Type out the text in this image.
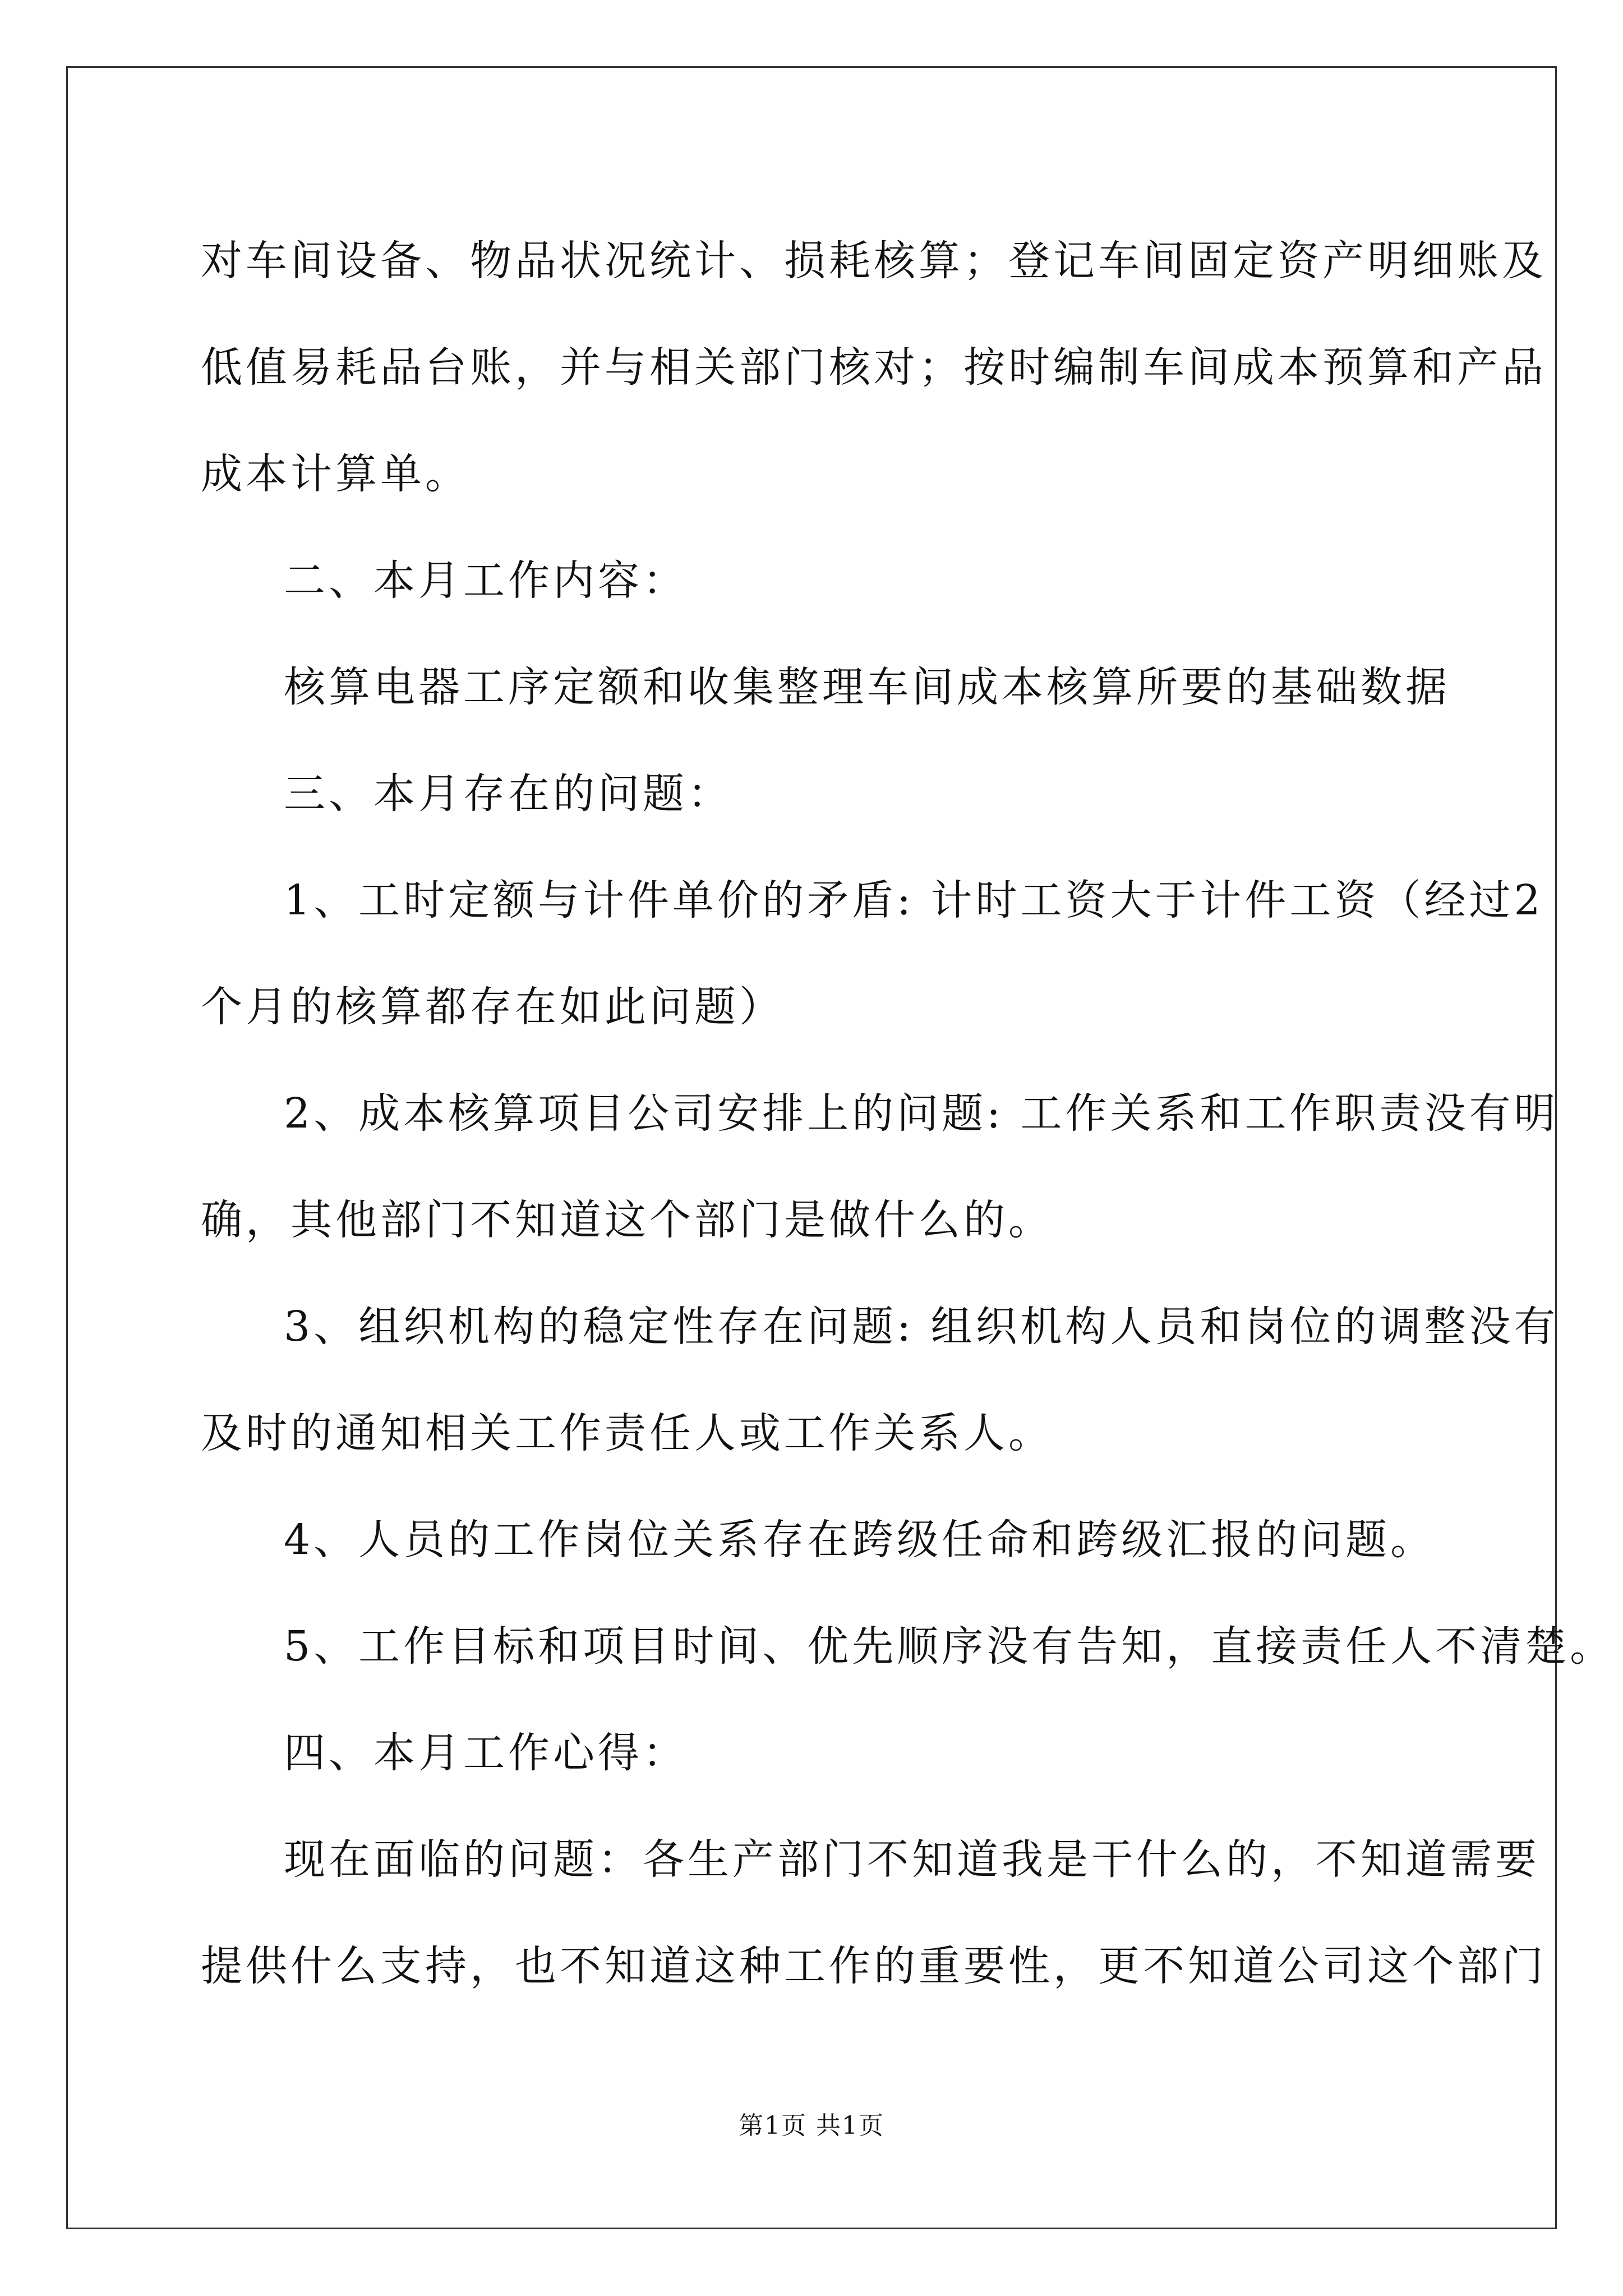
对车间设备、物品状况统计、损耗核算；登记车间固定资产明细账及
低值易耗品台账，并与相关部门核对；按时编制车间成本预算和产品
成本计算单。
二、本月工作内容：
核算电器工序定额和收集整理车间成本核算所要的基础数据
三、本月存在的问题：
1、工时定额与计件单价的矛盾: 计时工资大于计件工资（经过2
个月的核算都存在如此问题）
2、成本核算项目公司安排上的问题: 工作关系和工作职责没有明
确，其他部门不知道这个部门是做什么的。
3、组织机构的稳定性存在问题: 组织机构人员和岗位的调整没有
及时的通知相关工作责任人或工作关系人。
4、人员的工作岗位关系存在跨级任命和跨级汇报的问题。
5、工作目标和项目时间、优先顺序没有告知，直接责任人不清楚。
四、本月工作心得：
现在面临的问题：各生产部门不知道我是干什么的，不知道需要
提供什么支持，也不知道这种工作的重要性，更不知道公司这个部门
第1页 共1页
